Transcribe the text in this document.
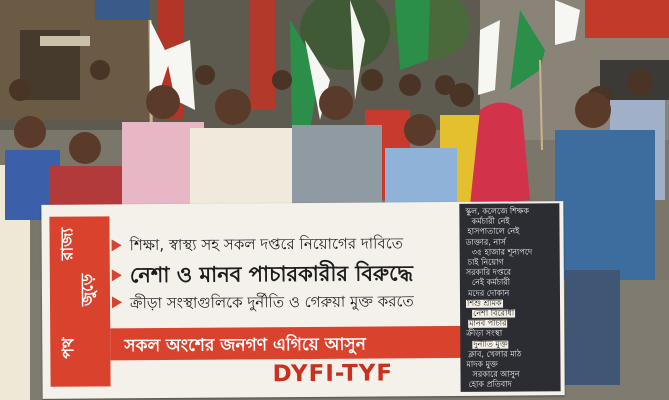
রাজ্য
জুড়ে
পথ
শিক্ষা, স্বাস্থ্য সহ সকল দপ্তরে নিয়োগের দাবিতে
নেশা ও মানব পাচারকারীর বিরুদ্ধে
ক্রীড়া সংস্থাগুলিকে দুর্নীতি ও গেরুয়া মুক্ত করতে
সকল অংশের জনগণ এগিয়ে আসুন
DYFI-TYF
স্কুল, কলেজে শিক্ষক
কর্মচারী নেই
হাসপাতালে নেই
ডাক্তার, নার্স
৩৫ হাজার শূন্যপদে
চাই নিয়োগ
সরকারি দপ্তরে
নেই কর্মচারী
মদের দোকান
শিশু শ্রমিক
নেশা বিরোধী
মানব পাচার
ক্রীড়া সংস্থা
দুর্নীতি মুক্ত
ক্লাব, খেলার মাঠ
মাদক মুক্ত
সরকারে আসুন
হোক প্রতিবাদ
